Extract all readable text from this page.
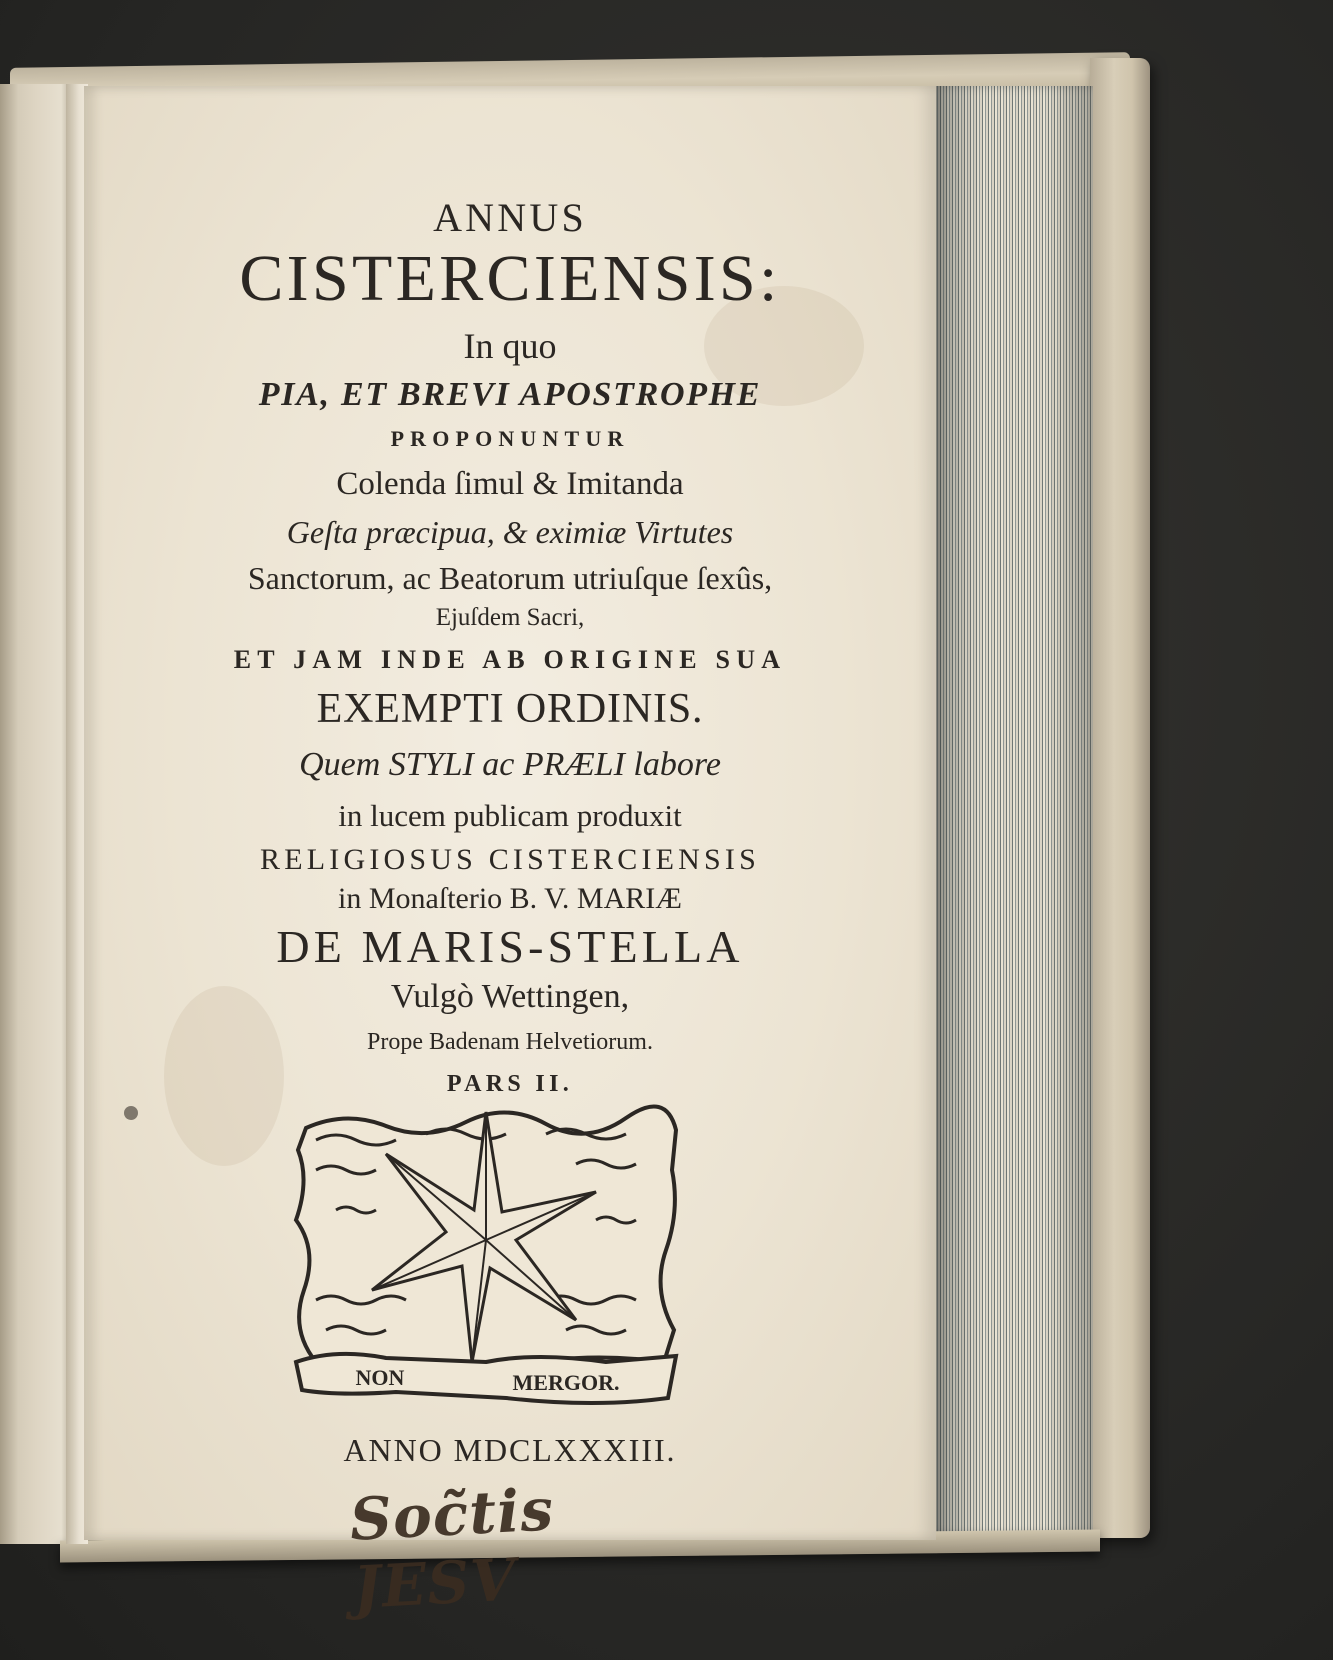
ANNUS
CISTERCIENSIS:
In quo
PIA, ET BREVI APOSTROPHE
PROPONUNTUR
Colenda ſimul & Imitanda
Geſta præcipua, & eximiæ Virtutes
Sanctorum, ac Beatorum utriuſque ſexûs,
Ejuſdem Sacri,
ET JAM INDE AB ORIGINE SUA
EXEMPTI ORDINIS.
Quem STYLI ac PRÆLI labore
in lucem publicam produxit
RELIGIOSUS CISTERCIENSIS
in Monaſterio B. V. MARIÆ
DE MARIS-STELLA
Vulgò Wettingen,
Prope Badenam Helvetiorum.
PARS II.
NON	MERGOR.
ANNO MDCLXXXIII.
Soc̃tis JESV
